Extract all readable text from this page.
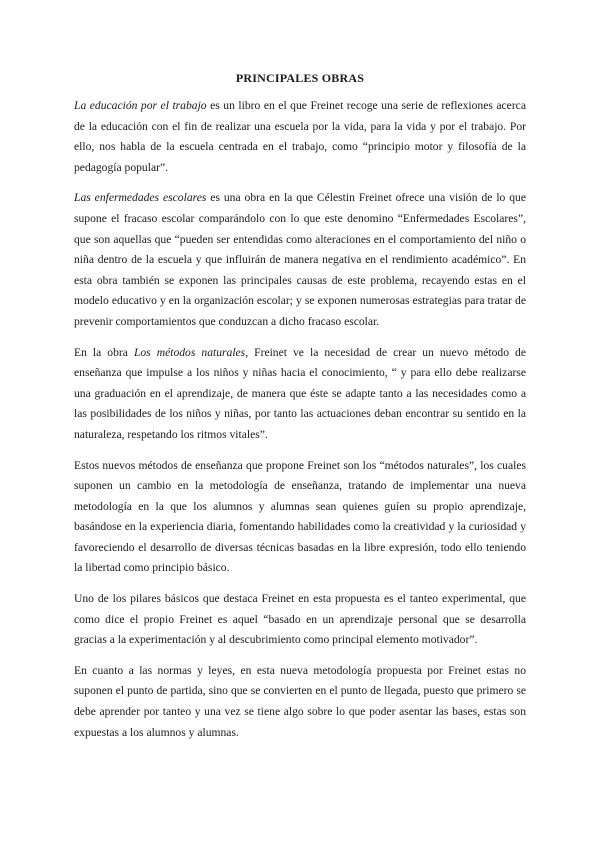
PRINCIPALES OBRAS

La educación por el trabajo es un libro en el que Freinet recoge una serie de reflexiones acerca de la educación con el fin de realizar una escuela por la vida, para la vida y por el trabajo. Por ello, nos habla de la escuela centrada en el trabajo, como “principio motor y filosofía de la pedagogía popular”.

Las enfermedades escolares es una obra en la que Célestin Freinet ofrece una visión de lo que supone el fracaso escolar comparándolo con lo que este denomino “Enfermedades Escolares”, que son aquellas que “pueden ser entendidas como alteraciones en el comportamiento del niño o niña dentro de la escuela y que influirán de manera negativa en el rendimiento académico”. En esta obra también se exponen las principales causas de este problema, recayendo estas en el modelo educativo y en la organización escolar; y se exponen numerosas estrategias para tratar de prevenir comportamientos que conduzcan a dicho fracaso escolar.

En la obra Los métodos naturales, Freinet ve la necesidad de crear un nuevo método de enseñanza que impulse a los niños y niñas hacia el conocimiento, “ y para ello debe realizarse una graduación en el aprendizaje, de manera que éste se adapte tanto a las necesidades como a las posibilidades de los niños y niñas, por tanto las actuaciones deban encontrar su sentido en la naturaleza, respetando los ritmos vitales”.

Estos nuevos métodos de enseñanza que propone Freinet son los “métodos naturales”, los cuales suponen un cambio en la metodología de enseñanza, tratando de implementar una nueva metodología en la que los alumnos y alumnas sean quienes guíen su propio aprendizaje, basándose en la experiencia diaria, fomentando habilidades como la creatividad y la curiosidad y favoreciendo el desarrollo de diversas técnicas basadas en la libre expresión, todo ello teniendo la libertad como principio básico.

Uno de los pilares básicos que destaca Freinet en esta propuesta es el tanteo experimental, que como dice el propio Freinet es aquel “basado en un aprendizaje personal que se desarrolla gracias a la experimentación y al descubrimiento como principal elemento motivador”.

En cuanto a las normas y leyes, en esta nueva metodología propuesta por Freinet estas no suponen el punto de partida, sino que se convierten en el punto de llegada, puesto que primero se debe aprender por tanteo y una vez se tiene algo sobre lo que poder asentar las bases, estas son expuestas a los alumnos y alumnas.
